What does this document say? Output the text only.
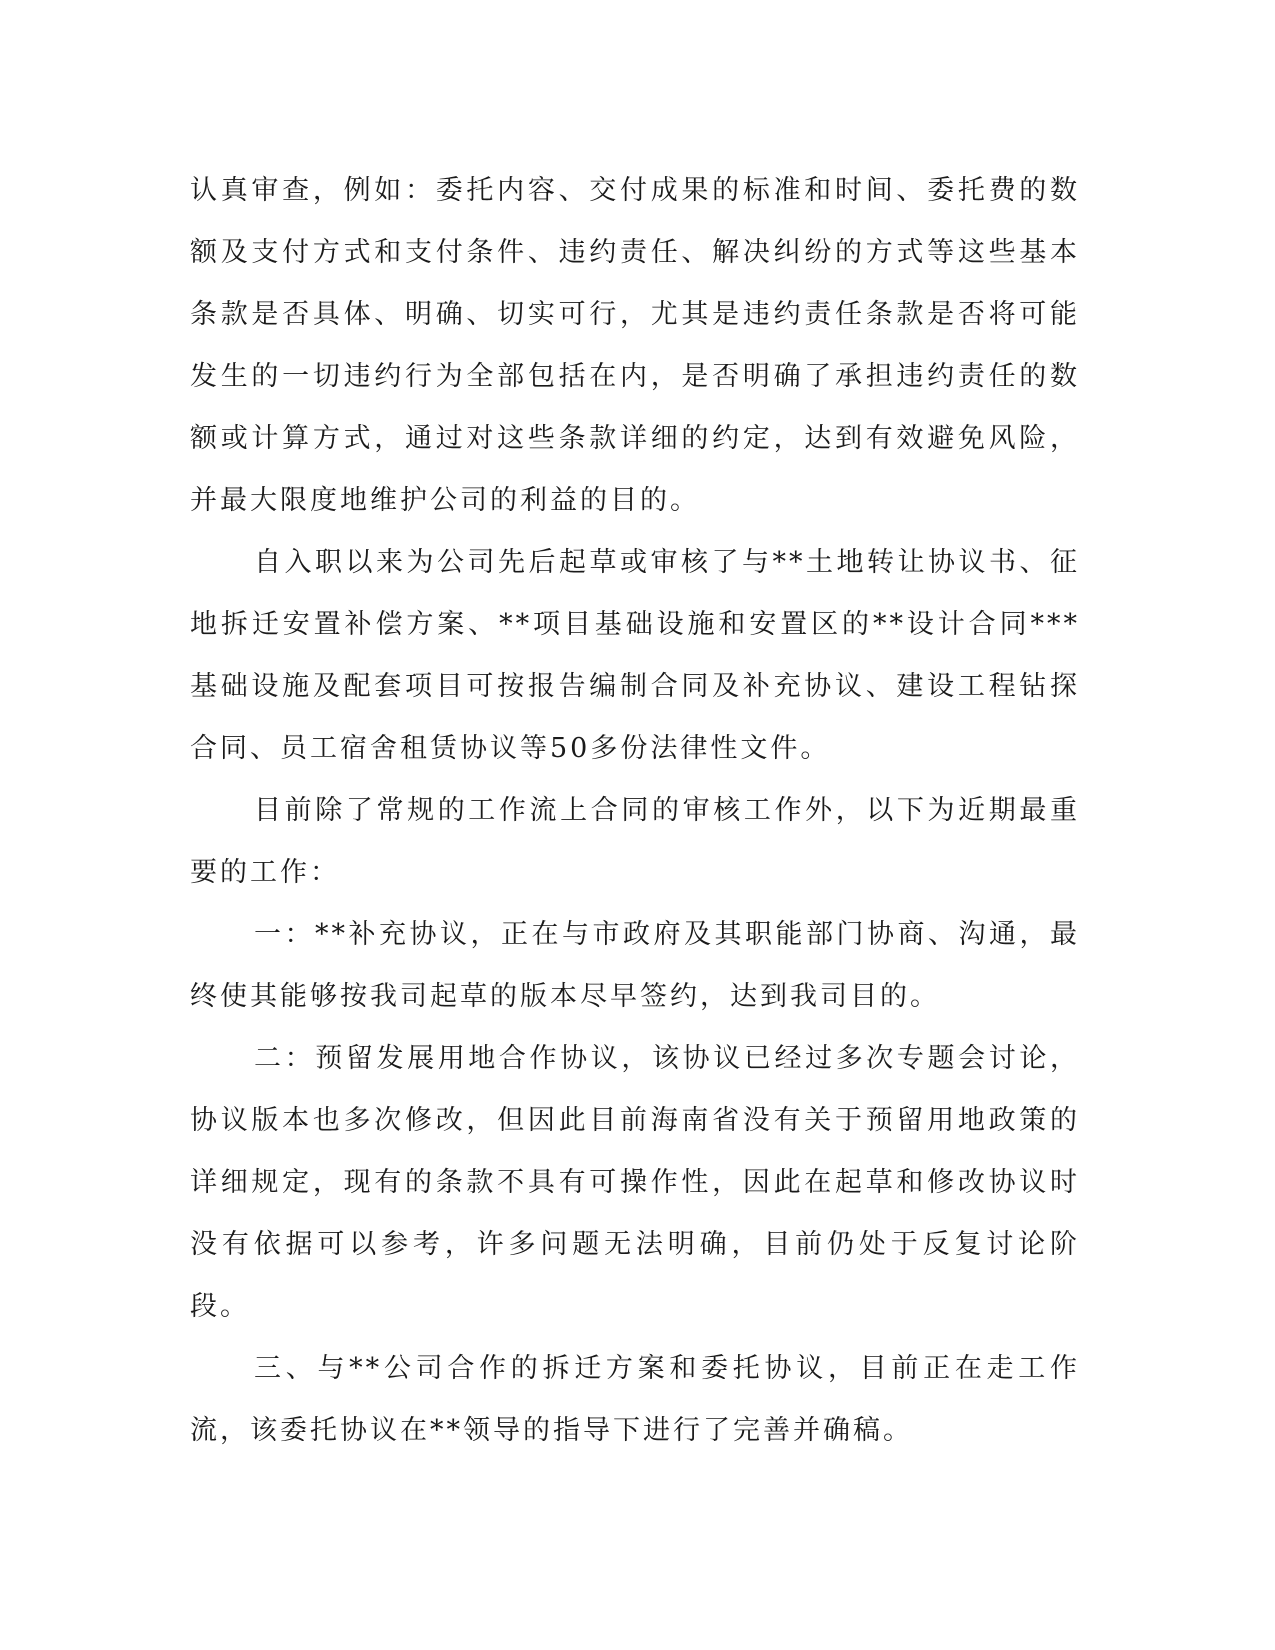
认真审查，例如：委托内容、交付成果的标准和时间、委托费的数额及支付方式和支付条件、违约责任、解决纠纷的方式等这些基本条款是否具体、明确、切实可行，尤其是违约责任条款是否将可能发生的一切违约行为全部包括在内，是否明确了承担违约责任的数额或计算方式，通过对这些条款详细的约定，达到有效避免风险，并最大限度地维护公司的利益的目的。

自入职以来为公司先后起草或审核了与**土地转让协议书、征地拆迁安置补偿方案、**项目基础设施和安置区的**设计合同***基础设施及配套项目可按报告编制合同及补充协议、建设工程钻探合同、员工宿舍租赁协议等50多份法律性文件。

目前除了常规的工作流上合同的审核工作外，以下为近期最重要的工作：

一：**补充协议，正在与市政府及其职能部门协商、沟通，最终使其能够按我司起草的版本尽早签约，达到我司目的。

二：预留发展用地合作协议，该协议已经过多次专题会讨论，协议版本也多次修改，但因此目前海南省没有关于预留用地政策的详细规定，现有的条款不具有可操作性，因此在起草和修改协议时没有依据可以参考，许多问题无法明确，目前仍处于反复讨论阶段。

三、与**公司合作的拆迁方案和委托协议，目前正在走工作流，该委托协议在**领导的指导下进行了完善并确稿。
